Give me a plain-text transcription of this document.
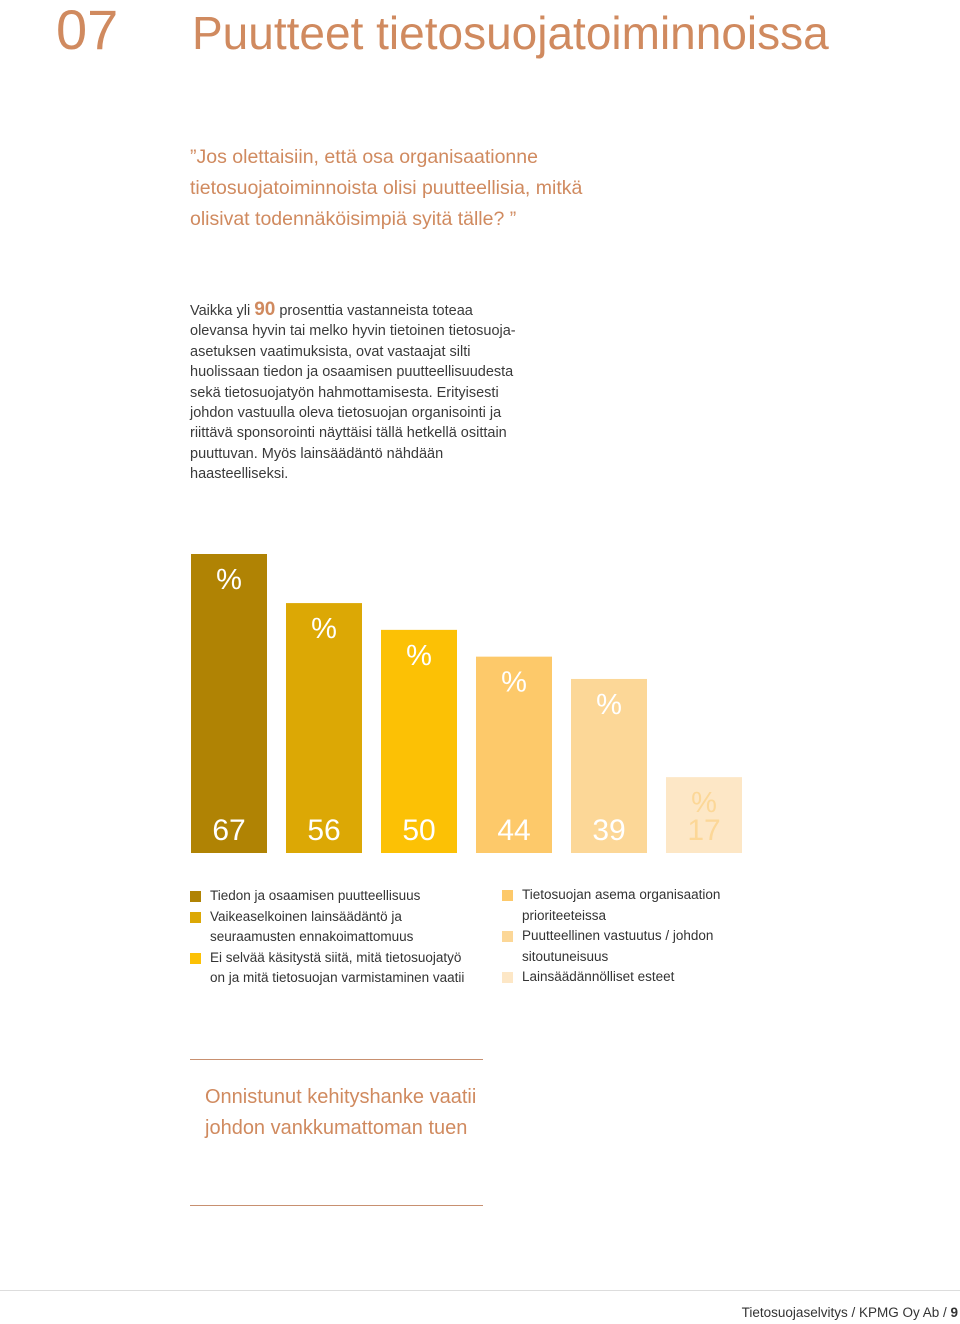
07 Puutteet tietosuojatoiminnoissa
”Jos olettaisiin, että osa organisaationne tietosuojatoiminnoista olisi puutteellisia, mitkä olisivat todennäköisimpiä syitä tälle? ”
Vaikka yli 90 prosenttia vastanneista toteaa olevansa hyvin tai melko hyvin tietoinen tietosuoja-asetuksen vaatimuksista, ovat vastaajat silti huolissaan tiedon ja osaamisen puutteellisuudesta sekä tietosuojatyön hahmottamisesta. Erityisesti johdon vastuulla oleva tietosuojan organisointi ja riittävä sponsorointi näyttäisi tällä hetkellä osittain puuttuvan. Myös lainsäädäntö nähdään haasteelliseksi.
%
67
%
56
%
50
%
44
%
39
%
17
Tiedon ja osaamisen puutteellisuus
Vaikeaselkoinen lainsäädäntö ja seuraamusten ennakoimattomuus
Ei selvää käsitystä siitä, mitä tietosuojatyö on ja mitä tietosuojan varmistaminen vaatii
Tietosuojan asema organisaation prioriteeteissa
Puutteellinen vastuutus / johdon sitoutuneisuus
Lainsäädännölliset esteet
Onnistunut kehityshanke vaatii johdon vankkumattoman tuen
Tietosuojaselvitys / KPMG Oy Ab / 9
